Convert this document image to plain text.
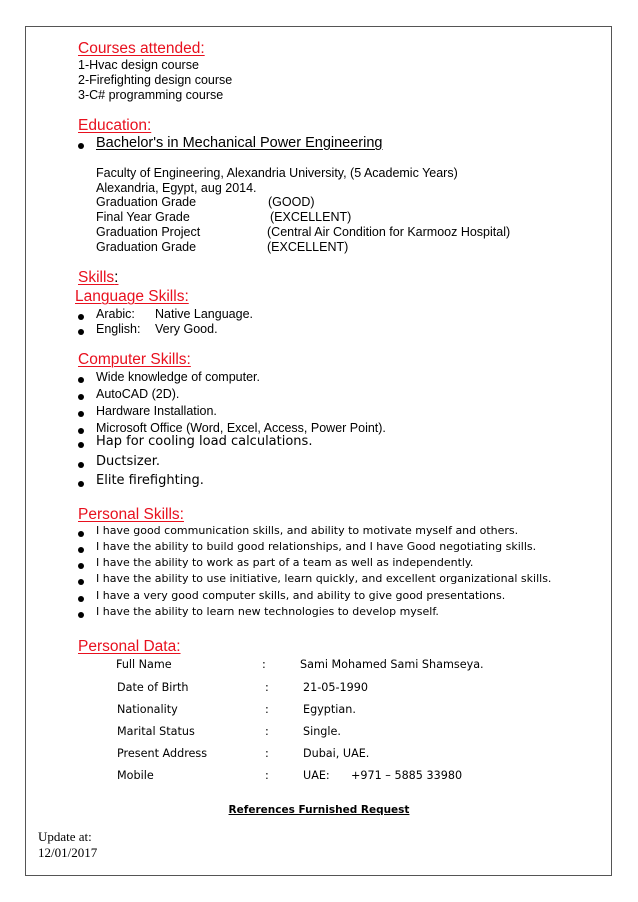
Courses attended:
1-Hvac design course
2-Firefighting design course
3-C# programming course
Education:
Bachelor's in Mechanical Power Engineering
Faculty of Engineering, Alexandria University, (5 Academic Years)
Alexandria, Egypt, aug 2014.
Graduation Grade	(GOOD)
Final Year Grade	(EXCELLENT)
Graduation Project	(Central Air Condition for Karmooz Hospital)
Graduation Grade	(EXCELLENT)
Skills:
Language Skills:
Arabic: Native Language.
English: Very Good.
Computer Skills:
Wide knowledge of computer.
AutoCAD (2D).
Hardware Installation.
Microsoft Office (Word, Excel, Access, Power Point).
Hap for cooling load calculations.
Ductsizer.
Elite firefighting.
Personal Skills:
I have good communication skills, and ability to motivate myself and others.
I have the ability to build good relationships, and I have Good negotiating skills.
I have the ability to work as part of a team as well as independently.
I have the ability to use initiative, learn quickly, and excellent organizational skills.
I have a very good computer skills, and ability to give good presentations.
I have the ability to learn new technologies to develop myself.
Personal Data:
Full Name	:	Sami Mohamed Sami Shamseya.
Date of Birth	:	21-05-1990
Nationality	:	Egyptian.
Marital Status	:	Single.
Present Address	:	Dubai, UAE.
Mobile	:	UAE:      +971 – 5885 33980
References Furnished Request
Update at:
12/01/2017
